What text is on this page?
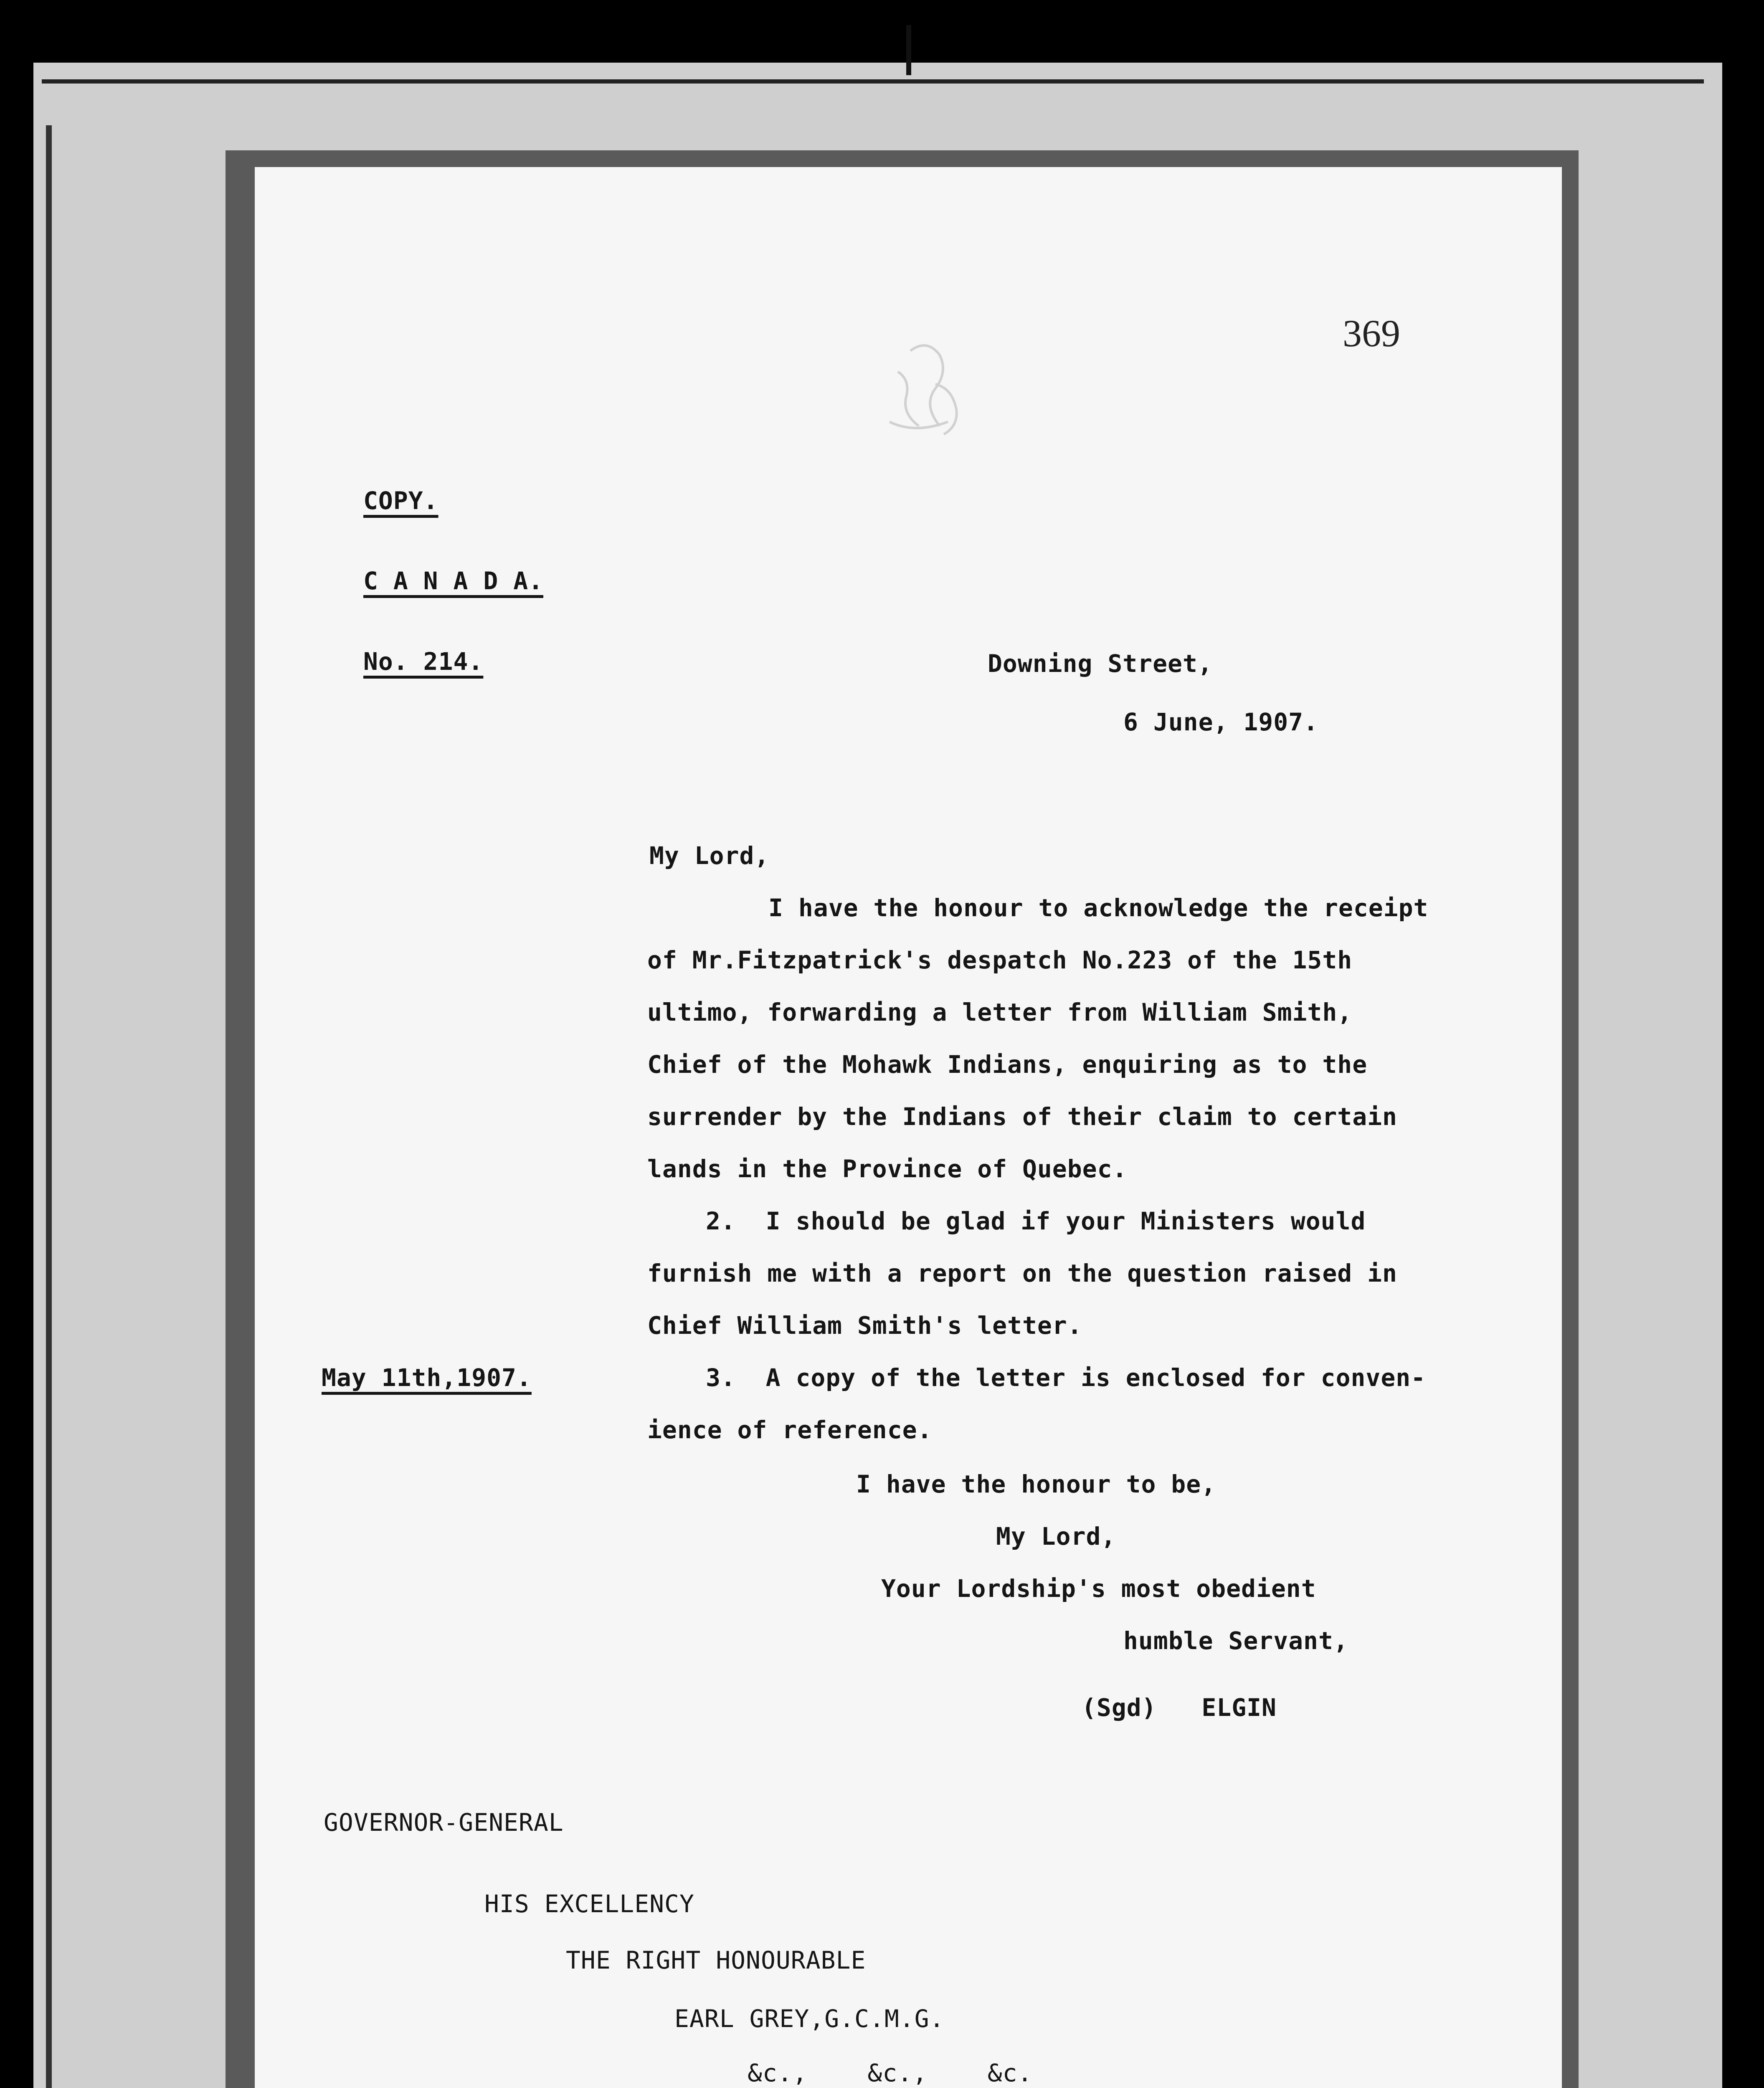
369
COPY.
C A N A D A.
No. 214.	Downing Street,
6 June, 1907.
My Lord,
I have the honour to acknowledge the receipt
of Mr.Fitzpatrick's despatch No.223 of the 15th
ultimo, forwarding a letter from William Smith,
Chief of the Mohawk Indians, enquiring as to the
surrender by the Indians of their claim to certain
lands in the Province of Quebec.
2.  I should be glad if your Ministers would
furnish me with a report on the question raised in
Chief William Smith's letter.
May 11th,1907.	3.  A copy of the letter is enclosed for conven-
ience of reference.
I have the honour to be,
My Lord,
Your Lordship's most obedient
humble Servant,
(Sgd)   ELGIN
GOVERNOR-GENERAL
HIS EXCELLENCY
THE RIGHT HONOURABLE
EARL GREY,G.C.M.G.
&c.,    &c.,    &c.
